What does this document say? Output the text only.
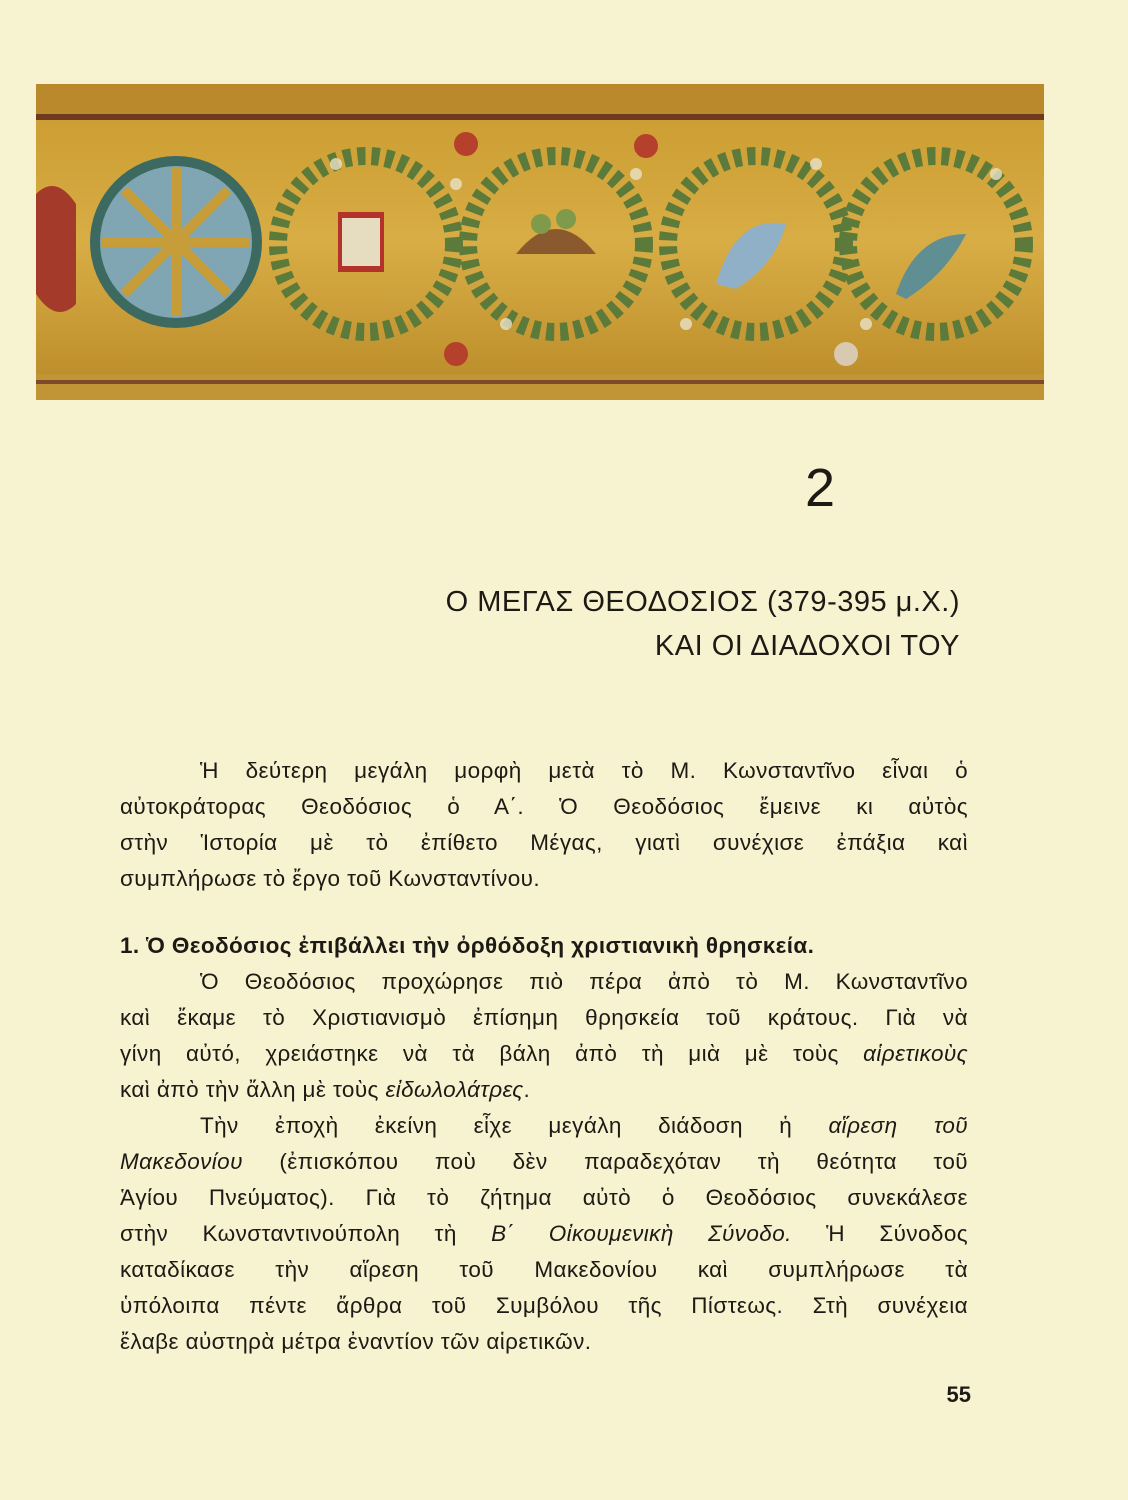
2
Ο ΜΕΓΑΣ ΘΕΟΔΟΣΙΟΣ (379-395 μ.Χ.)
ΚΑΙ ΟΙ ΔΙΑΔΟΧΟΙ ΤΟΥ
Ἡ δεύτερη μεγάλη μορφὴ μετὰ τὸ Μ. Κωνσταντῖνο εἶναι ὁ
αὐτοκράτορας Θεοδόσιος ὁ Α΄. Ὁ Θεοδόσιος ἔμεινε κι αὐτὸς
στὴν Ἱστορία μὲ τὸ ἐπίθετο Μέγας, γιατὶ συνέχισε ἐπάξια καὶ
συμπλήρωσε τὸ ἔργο τοῦ Κωνσταντίνου.
1. Ὁ Θεοδόσιος ἐπιβάλλει τὴν ὀρθόδοξη χριστιανικὴ θρησκεία.
Ὁ Θεοδόσιος προχώρησε πιὸ πέρα ἀπὸ τὸ Μ. Κωνσταντῖνο
καὶ ἔκαμε τὸ Χριστιανισμὸ ἐπίσημη θρησκεία τοῦ κράτους. Γιὰ νὰ
γίνη αὐτό, χρειάστηκε νὰ τὰ βάλη ἀπὸ τὴ μιὰ μὲ τοὺς αἱρετικοὺς
καὶ ἀπὸ τὴν ἄλλη μὲ τοὺς εἰδωλολάτρες.
Τὴν ἐποχὴ ἐκείνη εἶχε μεγάλη διάδοση ἡ αἵρεση τοῦ
Μακεδονίου (ἐπισκόπου ποὺ δὲν παραδεχόταν τὴ θεότητα τοῦ
Ἁγίου Πνεύματος). Γιὰ τὸ ζήτημα αὐτὸ ὁ Θεοδόσιος συνεκάλεσε
στὴν Κωνσταντινούπολη τὴ Β΄ Οἰκουμενικὴ Σύνοδο. Ἡ Σύνοδος
καταδίκασε τὴν αἵρεση τοῦ Μακεδονίου καὶ συμπλήρωσε τὰ
ὑπόλοιπα πέντε ἄρθρα τοῦ Συμβόλου τῆς Πίστεως. Στὴ συνέχεια
ἔλαβε αὐστηρὰ μέτρα ἐναντίον τῶν αἱρετικῶν.
55
